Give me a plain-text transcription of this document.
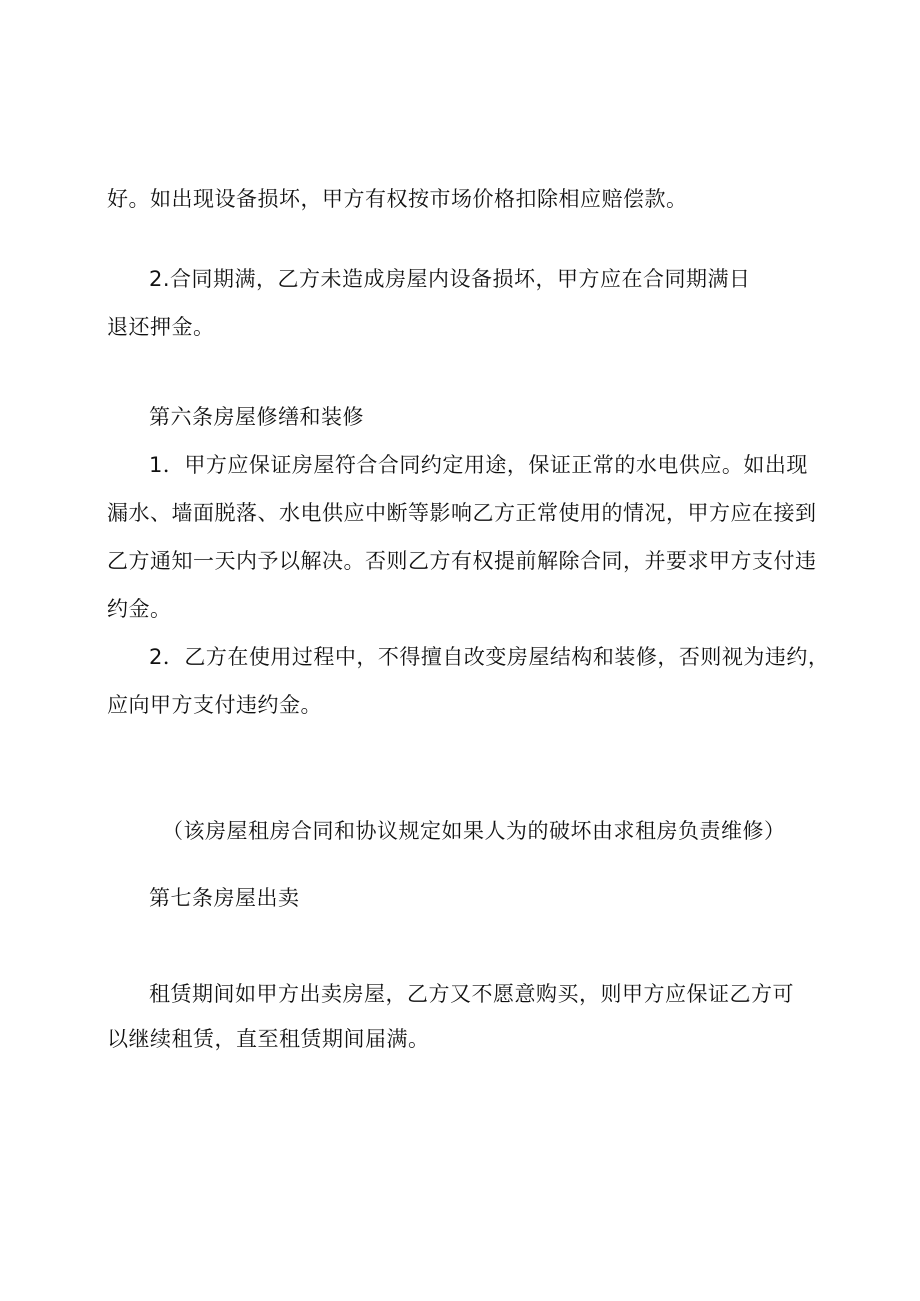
好。如出现设备损坏，甲方有权按市场价格扣除相应赔偿款。
2.合同期满，乙方未造成房屋内设备损坏，甲方应在合同期满日
退还押金。
第六条房屋修缮和装修
1．甲方应保证房屋符合合同约定用途，保证正常的水电供应。如出现
漏水、墙面脱落、水电供应中断等影响乙方正常使用的情况，甲方应在接到
乙方通知一天内予以解决。否则乙方有权提前解除合同，并要求甲方支付违
约金。
2．乙方在使用过程中，不得擅自改变房屋结构和装修，否则视为违约，
应向甲方支付违约金。
（该房屋租房合同和协议规定如果人为的破坏由求租房负责维修）
第七条房屋出卖
租赁期间如甲方出卖房屋，乙方又不愿意购买，则甲方应保证乙方可
以继续租赁，直至租赁期间届满。
